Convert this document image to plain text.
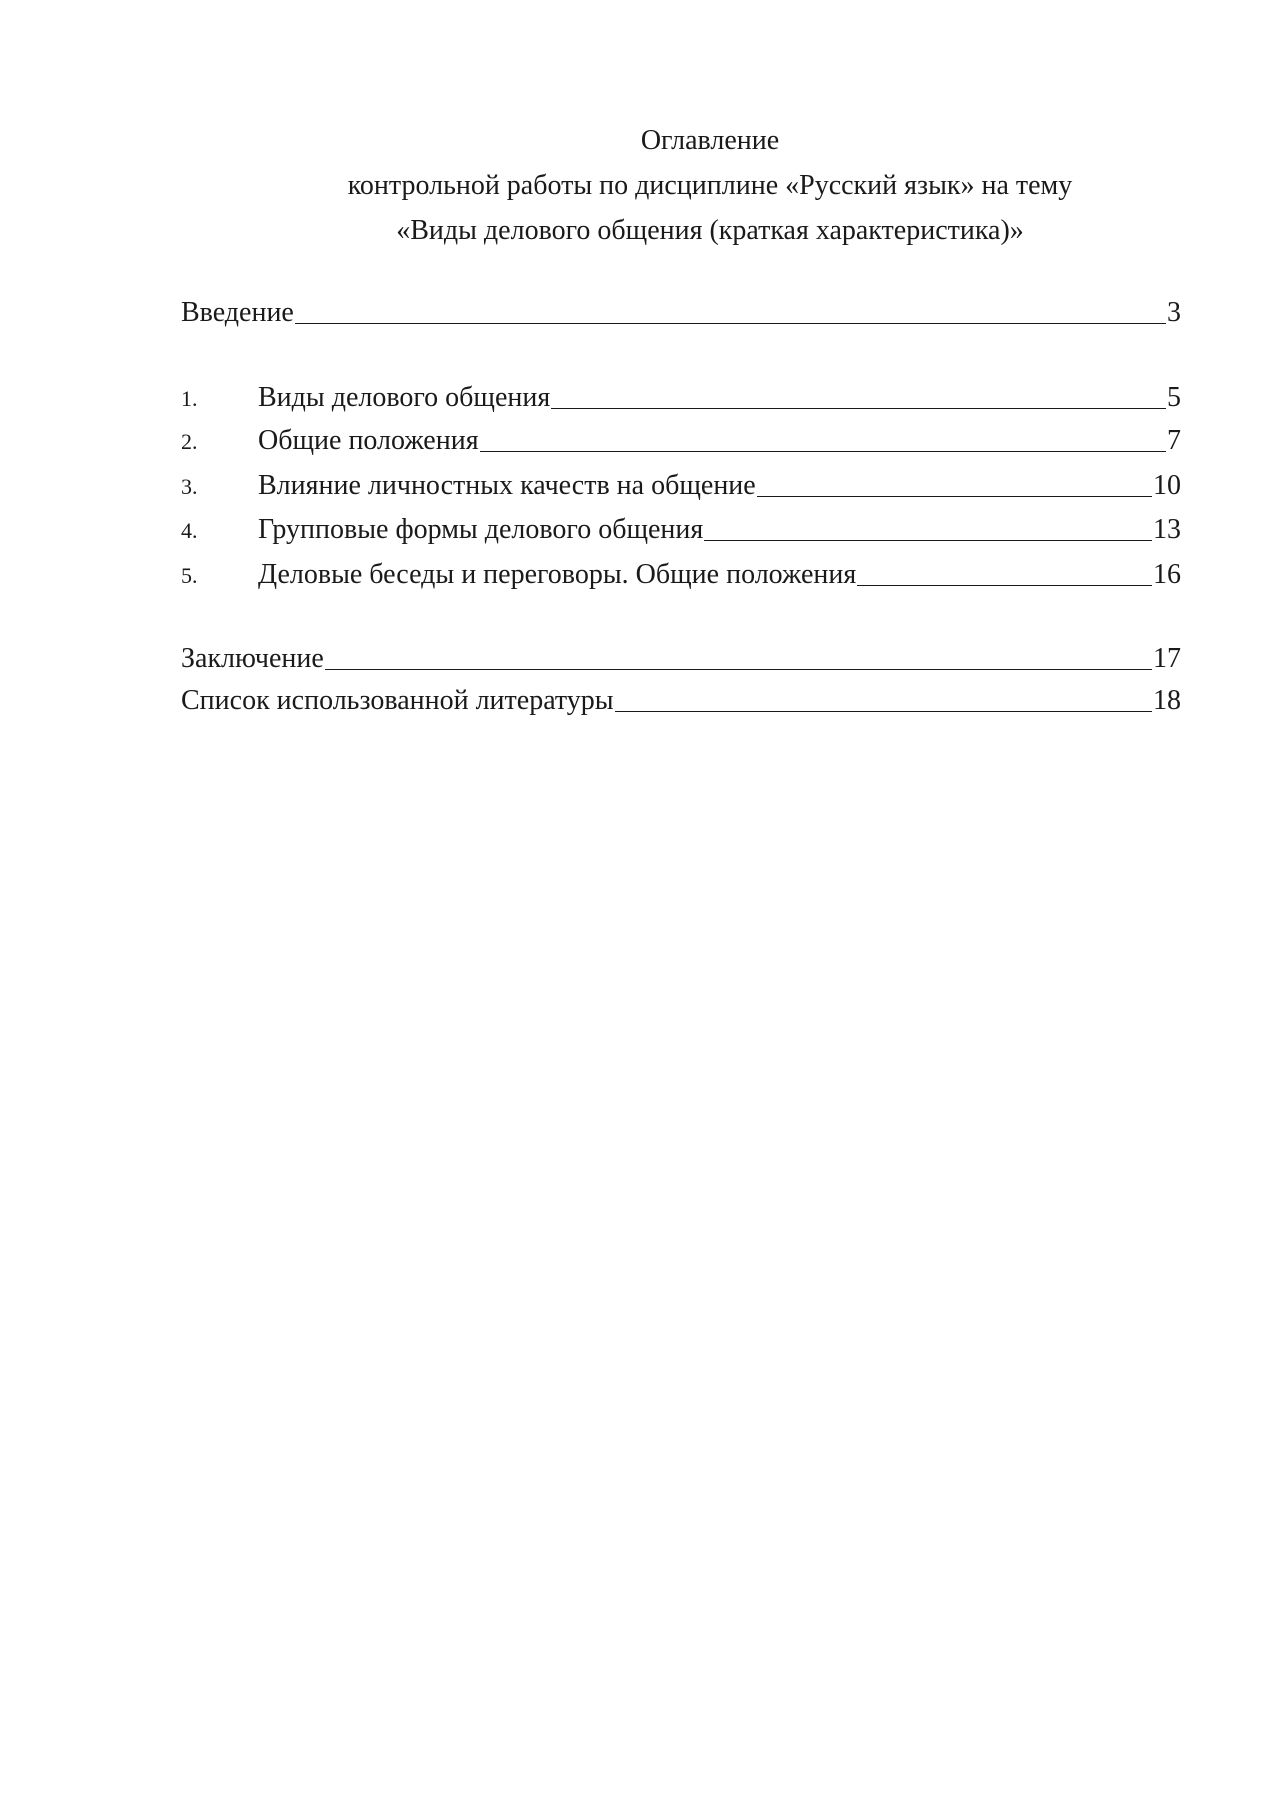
Оглавление
контрольной работы по дисциплине «Русский язык» на тему
«Виды делового общения (краткая характеристика)»
Введение	3
1.	Виды делового общения	5
2.	Общие положения	7
3.	Влияние личностных качеств на общение	10
4.	Групповые формы делового общения	13
5.	Деловые беседы и переговоры. Общие положения	16
Заключение	17
Список использованной литературы	18
